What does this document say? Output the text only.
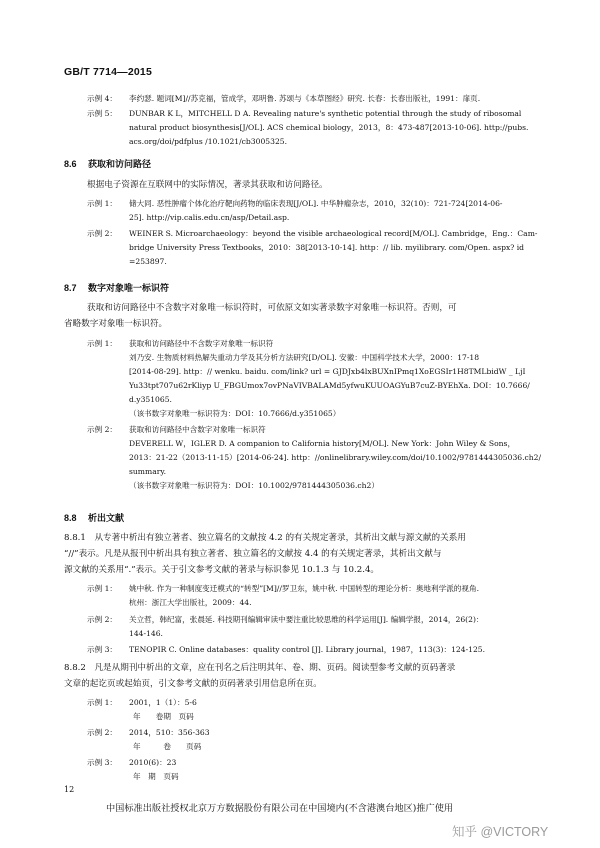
GB/T 7714—2015
示例 4： 李约瑟. 题词[M]//苏克福，管成学，邓明鲁. 苏颂与《本草图经》研究. 长春：长春出版社，1991：扉页.
示例 5： DUNBAR K L，MITCHELL D A. Revealing nature's synthetic potential through the study of ribosomal
natural product biosynthesis[J/OL]. ACS chemical biology，2013，8：473-487[2013-10-06]. http://pubs.
acs.org/doi/pdfplus /10.1021/cb3005325.
8.6 获取和访问路径
根据电子资源在互联网中的实际情况，著录其获取和访问路径。
示例 1： 储大同. 恶性肿瘤个体化治疗靶向药物的临床表现[J/OL]. 中华肿瘤杂志，2010，32(10)：721-724[2014-06-
25]. http://vip.calis.edu.cn/asp/Detail.asp.
示例 2： WEINER S. Microarchaeology：beyond the visible archaeological record[M/OL]. Cambridge，Eng.：Cam-
bridge University Press Textbooks，2010：38[2013-10-14]. http：// lib. myilibrary. com/Open. aspx? id
=253897.
8.7 数字对象唯一标识符
获取和访问路径中不含数字对象唯一标识符时，可依原文如实著录数字对象唯一标识符。否则，可
省略数字对象唯一标识符。
示例 1： 获取和访问路径中不含数字对象唯一标识符
刘乃安. 生物质材料热解失重动力学及其分析方法研究[D/OL]. 安徽：中国科学技术大学，2000：17-18
[2014-08-29]. http：// wenku. baidu. com/link? url = GJDJxb4lxBUXnIPmq1XoEGSIr1H8TMLbidW _ LjI
Yu33tpt707u62rKliyp U_FBGUmox7ovPNaVIVBALAMd5yfwuKUUOAGYuB7cuZ-BYEhXa. DOI：10.7666/
d.y351065.
（该书数字对象唯一标识符为：DOI：10.7666/d.y351065）
示例 2： 获取和访问路径中含数字对象唯一标识符
DEVERELL W，IGLER D. A companion to California history[M/OL]. New York：John Wiley & Sons，
2013：21-22（2013-11-15）[2014-06-24]. http：//onlinelibrary.wiley.com/doi/10.1002/9781444305036.ch2/
summary.
（该书数字对象唯一标识符为：DOI：10.1002/9781444305036.ch2）
8.8 析出文献
8.8.1　从专著中析出有独立著者、独立篇名的文献按 4.2 的有关规定著录，其析出文献与源文献的关系用
“//”表示。凡是从报刊中析出具有独立著者、独立篇名的文献按 4.4 的有关规定著录，其析出文献与
源文献的关系用“.”表示。关于引文参考文献的著录与标识参见 10.1.3 与 10.2.4。
示例 1： 姚中秋. 作为一种制度变迁模式的“转型”[M]//罗卫东，姚中秋. 中国转型的理论分析：奥地利学派的视角.
杭州：浙江大学出版社，2009：44.
示例 2： 关立哲，韩纪富，张晨延. 科技期刊编辑审读中要注重比较思维的科学运用[J]. 编辑学报，2014，26(2)：
144-146.
示例 3： TENOPIR C. Online databases：quality control [J]. Library journal，1987，113(3)：124-125.
8.8.2　凡是从期刊中析出的文章，应在刊名之后注明其年、卷、期、页码。阅读型参考文献的页码著录
文章的起讫页或起始页，引文参考文献的页码著录引用信息所在页。
示例 1： 2001，1（1）：5-6
年　　卷期　页码
示例 2： 2014，510：356-363
年　　　卷　　页码
示例 3： 2010(6)：23
年　期　页码
12
中国标准出版社授权北京万方数据股份有限公司在中国境内(不含港澳台地区)推广使用
知乎 @VICTORY
